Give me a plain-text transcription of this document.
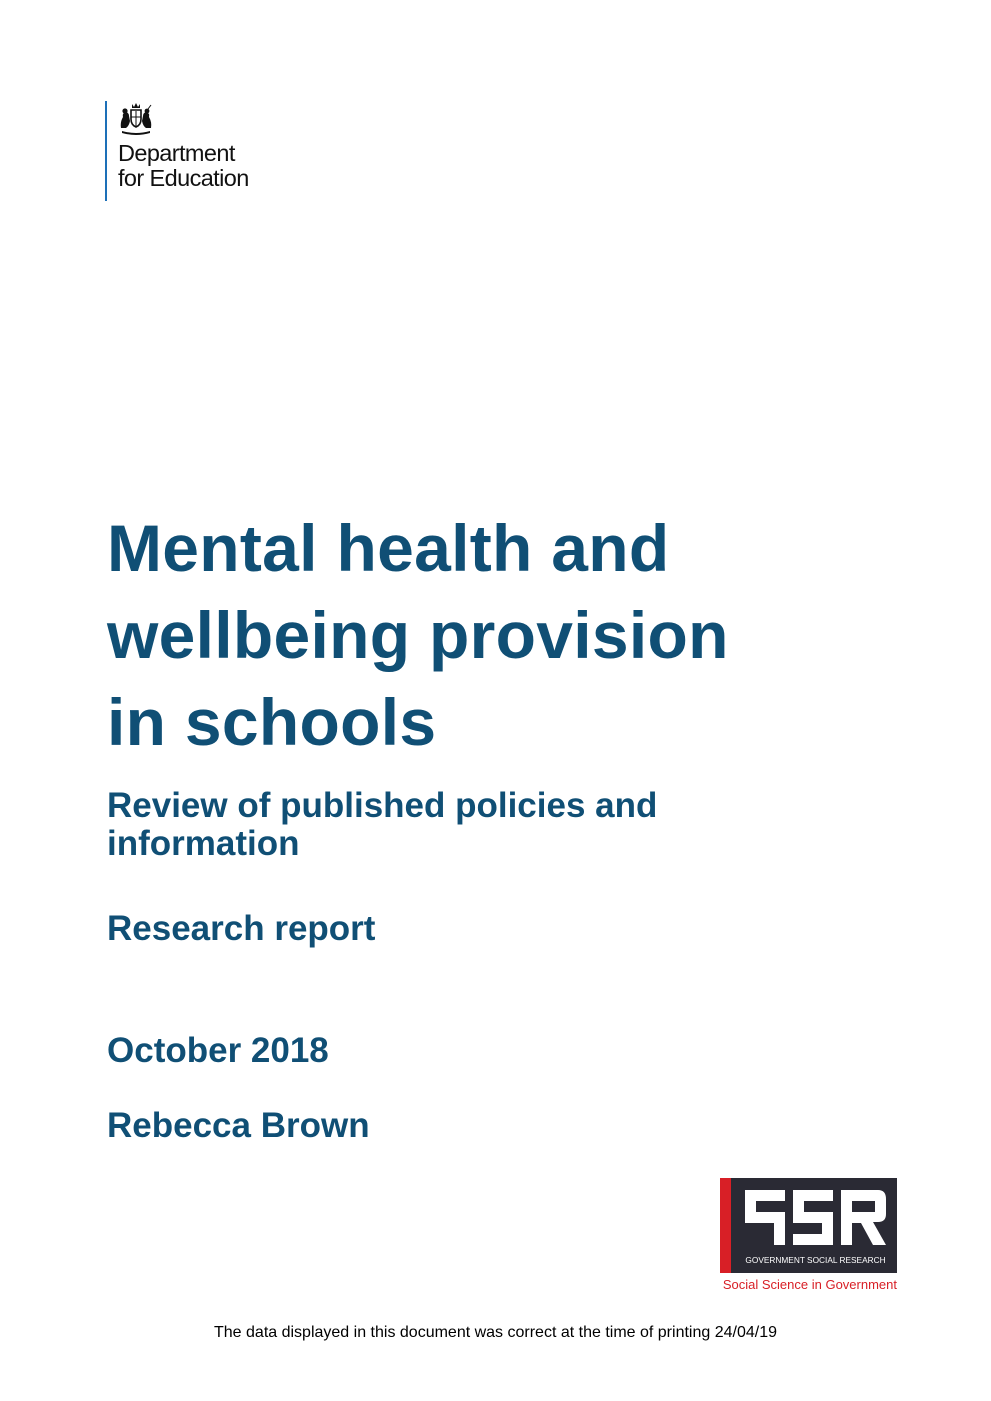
Department
for Education
Mental health and
wellbeing provision
in schools
Review of published policies and
information

Research report

October 2018

Rebecca Brown

GOVERNMENT SOCIAL RESEARCH
Social Science in Government
The data displayed in this document was correct at the time of printing 24/04/19
